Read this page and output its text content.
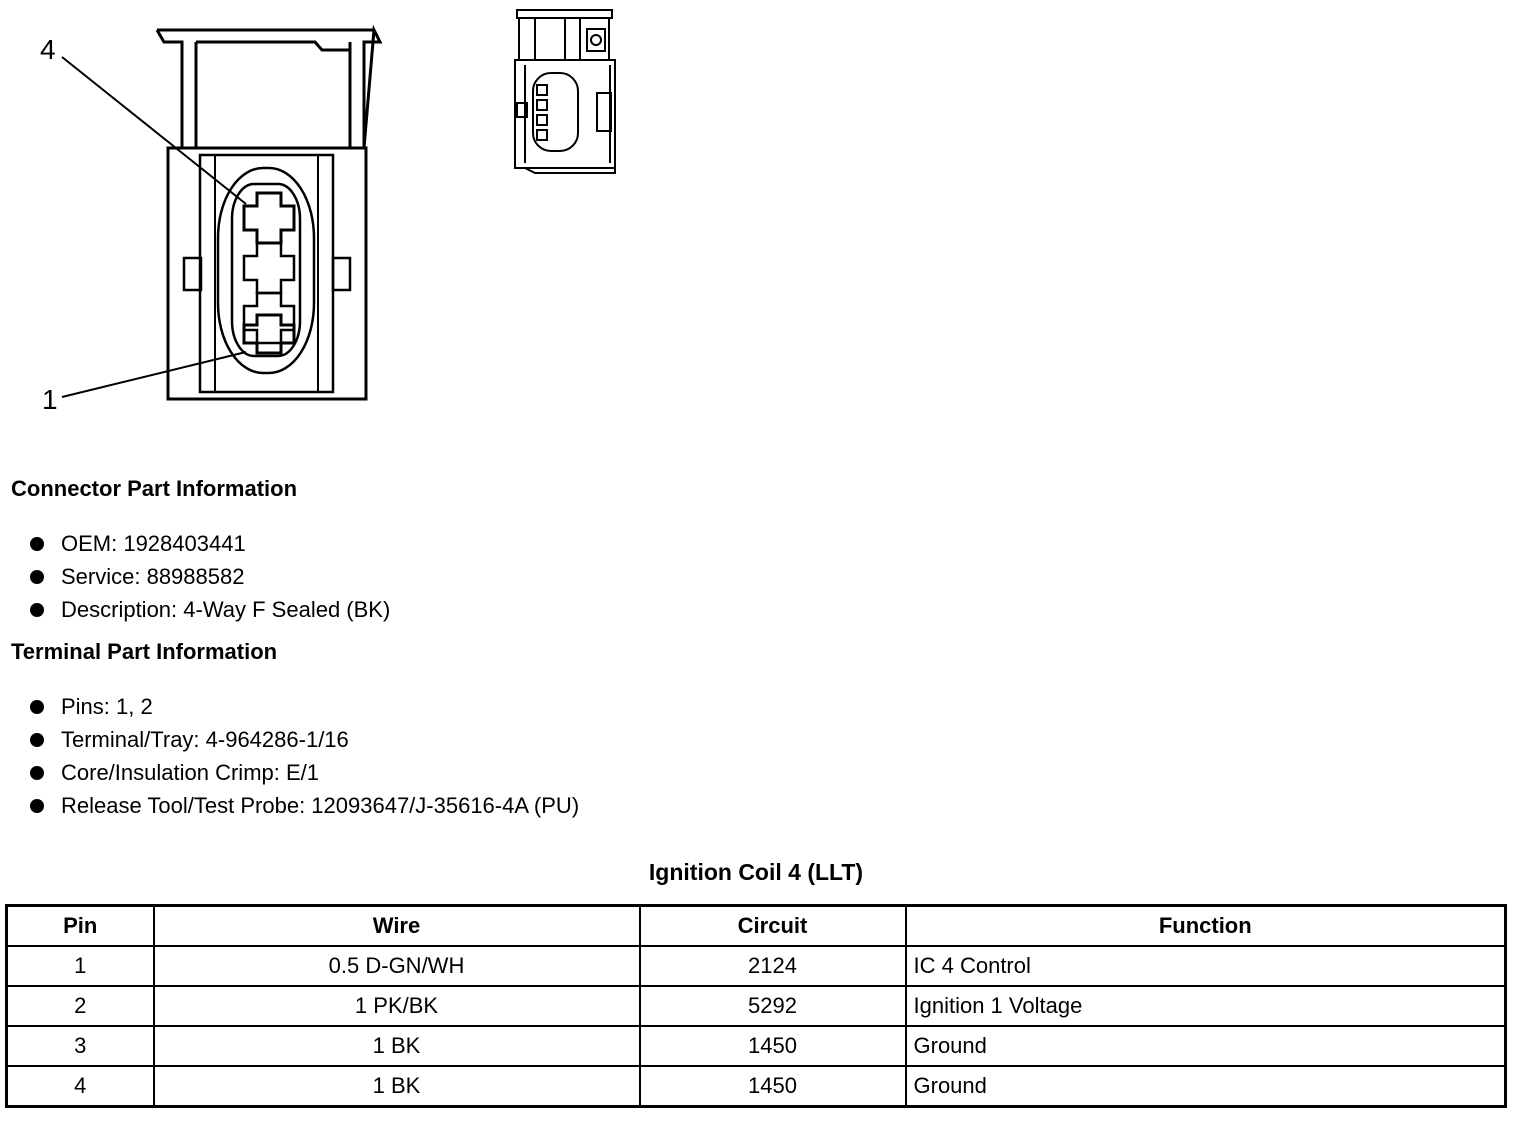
4
1
Connector Part Information
OEM: 1928403441
Service: 88988582
Description: 4-Way F Sealed (BK)
Terminal Part Information
Pins: 1, 2
Terminal/Tray: 4-964286-1/16
Core/Insulation Crimp: E/1
Release Tool/Test Probe: 12093647/J-35616-4A (PU)
Ignition Coil 4 (LLT)
Pin	Wire	Circuit	Function
1	0.5 D-GN/WH	2124	IC 4 Control
2	1 PK/BK	5292	Ignition 1 Voltage
3	1 BK	1450	Ground
4	1 BK	1450	Ground
